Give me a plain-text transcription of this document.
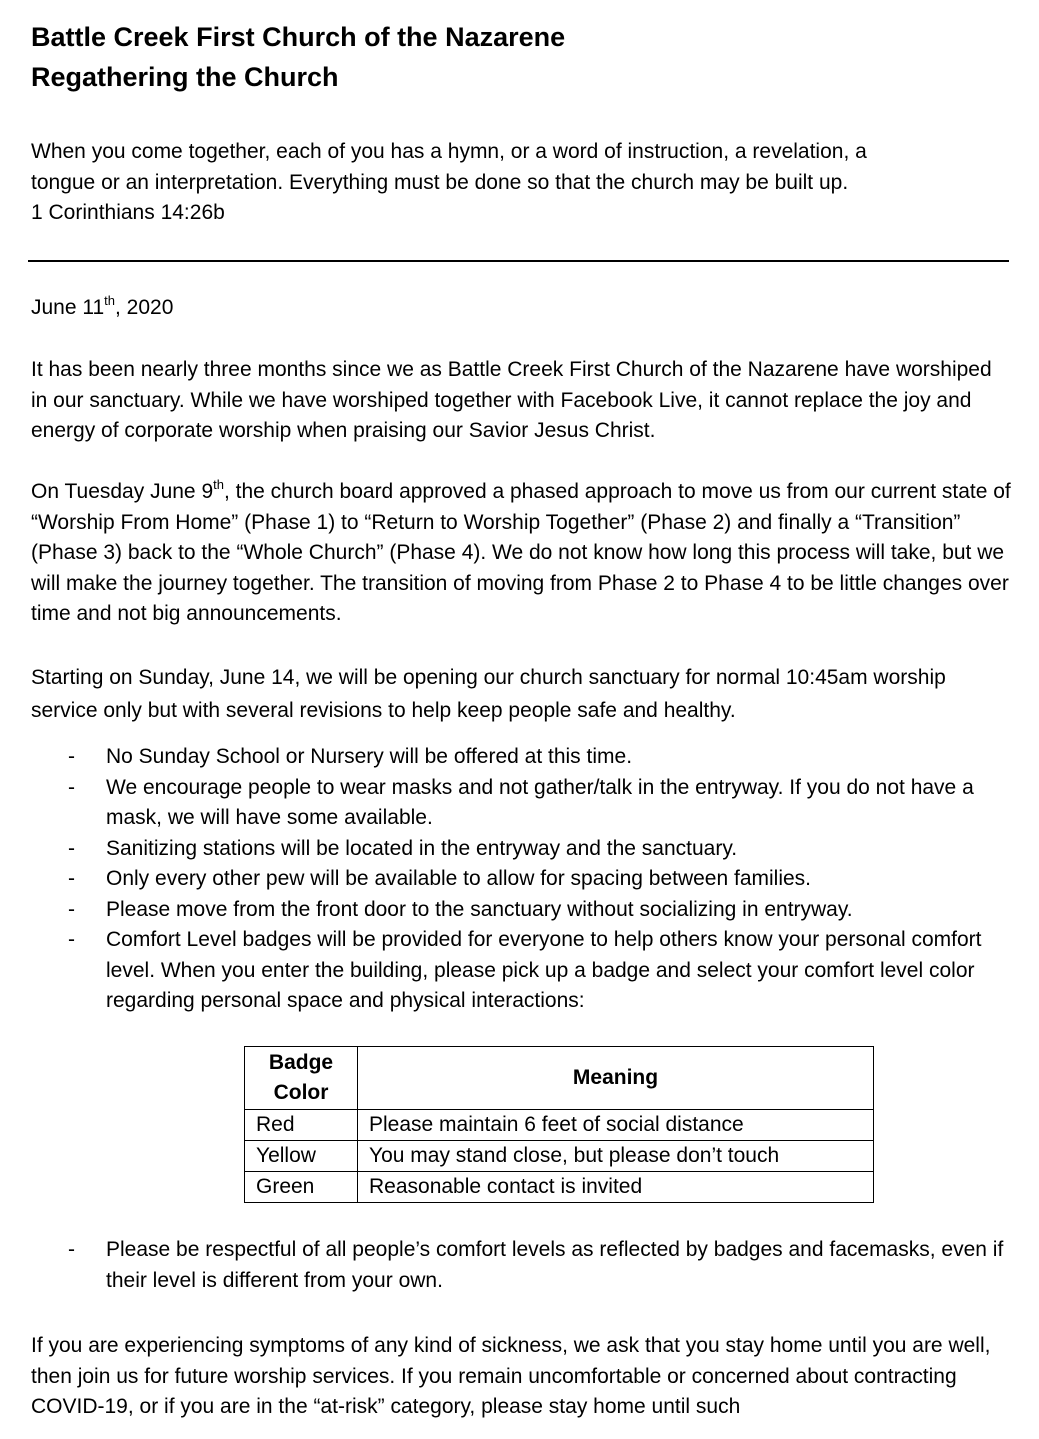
Battle Creek First Church of the Nazarene
Regathering the Church

When you come together, each of you has a hymn, or a word of instruction, a revelation, a
tongue or an interpretation. Everything must be done so that the church may be built up.
1 Corinthians 14:26b

June 11th, 2020

It has been nearly three months since we as Battle Creek First Church of the Nazarene have worshiped in our sanctuary. While we have worshiped together with Facebook Live, it cannot replace the joy and energy of corporate worship when praising our Savior Jesus Christ.

On Tuesday June 9th, the church board approved a phased approach to move us from our current state of “Worship From Home” (Phase 1) to “Return to Worship Together” (Phase 2) and finally a “Transition” (Phase 3) back to the “Whole Church” (Phase 4). We do not know how long this process will take, but we will make the journey together. The transition of moving from Phase 2 to Phase 4 to be little changes over time and not big announcements.

Starting on Sunday, June 14, we will be opening our church sanctuary for normal 10:45am worship service only but with several revisions to help keep people safe and healthy.

- No Sunday School or Nursery will be offered at this time.
- We encourage people to wear masks and not gather/talk in the entryway. If you do not have a mask, we will have some available.
- Sanitizing stations will be located in the entryway and the sanctuary.
- Only every other pew will be available to allow for spacing between families.
- Please move from the front door to the sanctuary without socializing in entryway.
- Comfort Level badges will be provided for everyone to help others know your personal comfort level. When you enter the building, please pick up a badge and select your comfort level color regarding personal space and physical interactions:
Badge Color	Meaning
Red	Please maintain 6 feet of social distance
Yellow	You may stand close, but please don’t touch
Green	Reasonable contact is invited
- Please be respectful of all people’s comfort levels as reflected by badges and facemasks, even if their level is different from your own.

If you are experiencing symptoms of any kind of sickness, we ask that you stay home until you are well, then join us for future worship services. If you remain uncomfortable or concerned about contracting COVID-19, or if you are in the “at-risk” category, please stay home until such
